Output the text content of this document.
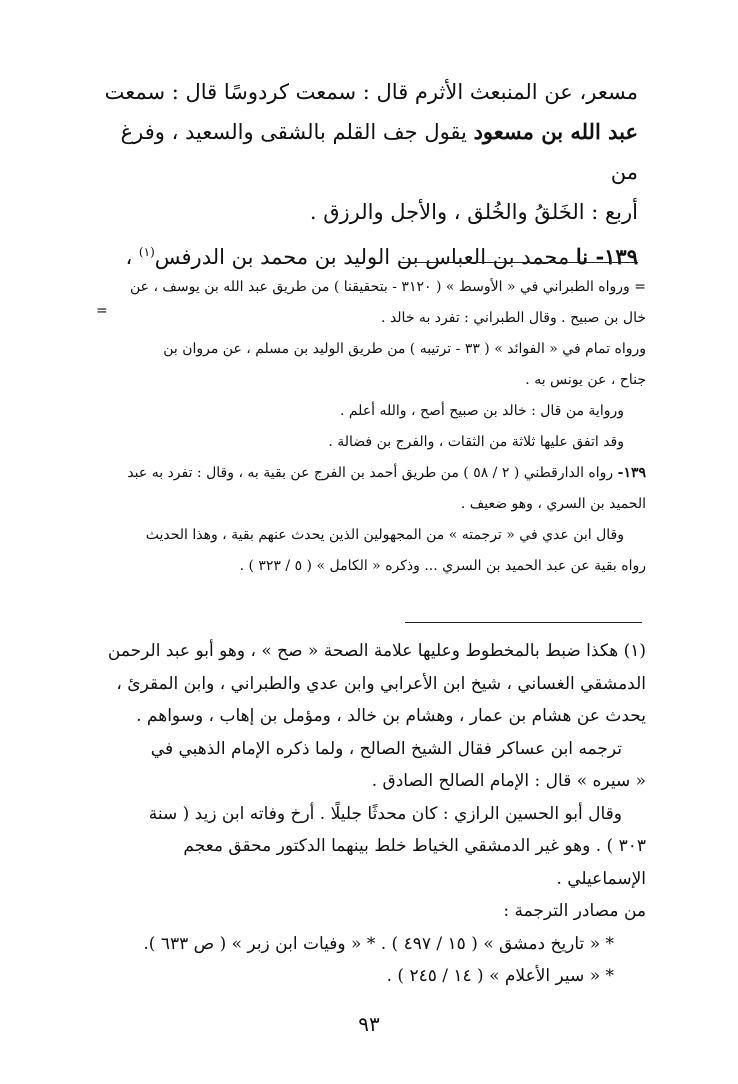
مسعر، عن المنبعث الأثرم قال : سمعت كردوسًا قال : سمعت

عبد الله بن مسعود يقول جف القلم بالشقى والسعيد ، وفرغ من

أربع : الخَلقُ والخُلق ، والأجل والرزق .

١٣٩- نا محمد بن العباس بن الوليد بن محمد بن الدرفس$^{(١)}$ ،

= ورواه الطبراني في « الأوسط » ( ٣١٢٠ - بتحقيقنا ) من طريق عبد الله بن يوسف ، عن

خال بن صبيح . وقال الطبراني : تفرد به خالد .

ورواه تمام في « الفوائد » ( ٣٣ - ترتيبه ) من طريق الوليد بن مسلم ، عن مروان بن

جناح ، عن يونس به .

ورواية من قال : خالد بن صبيح أصح ، والله أعلم .

وقد اتفق عليها ثلاثة من الثقات ، والفرج بن فضالة .

١٣٩- رواه الدارقطني ( ٢ / ٥٨ ) من طريق أحمد بن الفرج عن بقية به ، وقال : تفرد به عبد

الحميد بن السري ، وهو ضعيف .

وقال ابن عدي في « ترجمته » من المجهولين الذين يحدث عنهم بقية ، وهذا الحديث

رواه بقية عن عبد الحميد بن السري ... وذكره « الكامل » ( ٥ / ٣٢٣ ) .

=

(١) هكذا ضبط بالمخطوط وعليها علامة الصحة « صح » ، وهو أبو عبد الرحمن

الدمشقي الغساني ، شيخ ابن الأعرابي وابن عدي والطبراني ، وابن المقرئ ،

يحدث عن هشام بن عمار ، وهشام بن خالد ، ومؤمل بن إهاب ، وسواهم .

ترجمه ابن عساكر فقال الشيخ الصالح ، ولما ذكره الإمام الذهبي في

« سيره » قال : الإمام الصالح الصادق .

وقال أبو الحسين الرازي : كان محدثًا جليلًا . أرخ وفاته ابن زيد ( سنة

٣٠٣ ) . وهو غير الدمشقي الخياط خلط بينهما الدكتور محقق معجم

الإسماعيلي .

من مصادر الترجمة :

* « تاريخ دمشق » ( ١٥ / ٤٩٧ ) . * « وفيات ابن زبر » ( ص ٦٣٣ ).

* « سير الأعلام » ( ١٤ / ٢٤٥ ) .

٩٣
